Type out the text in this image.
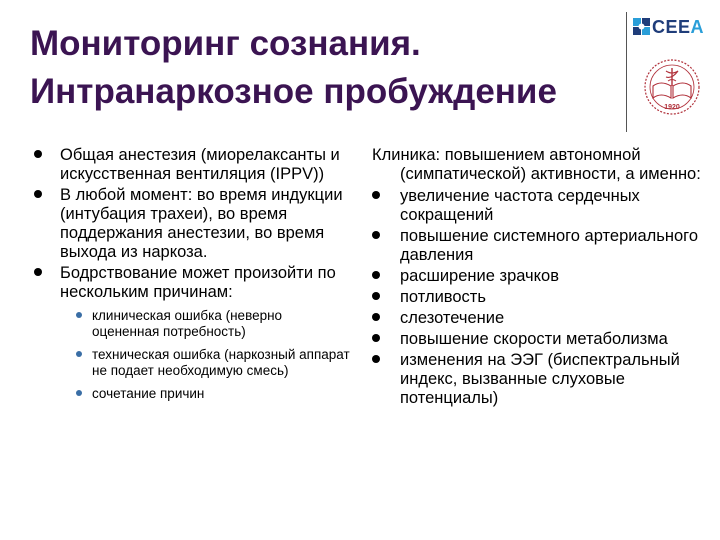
Мониторинг сознания.
Интранаркозное пробуждение
CEEA
1920
Общая анестезия (миорелаксанты и искусственная вентиляция (IPPV))
В любой момент: во время индукции (интубация трахеи), во время поддержания анестезии, во время выхода из наркоза.
Бодрствование может произойти по нескольким причинам:
клиническая ошибка (неверно оцененная потребность)
техническая ошибка (наркозный аппарат не подает необходимую смесь)
сочетание причин
Клиника: повышением автономной (симпатической) активности, а именно:
увеличение частота сердечных сокращений
повышение системного артериального давления
расширение зрачков
потливость
слезотечение
повышение скорости метаболизма
изменения на ЭЭГ (биспектральный индекс, вызванные слуховые потенциалы)
